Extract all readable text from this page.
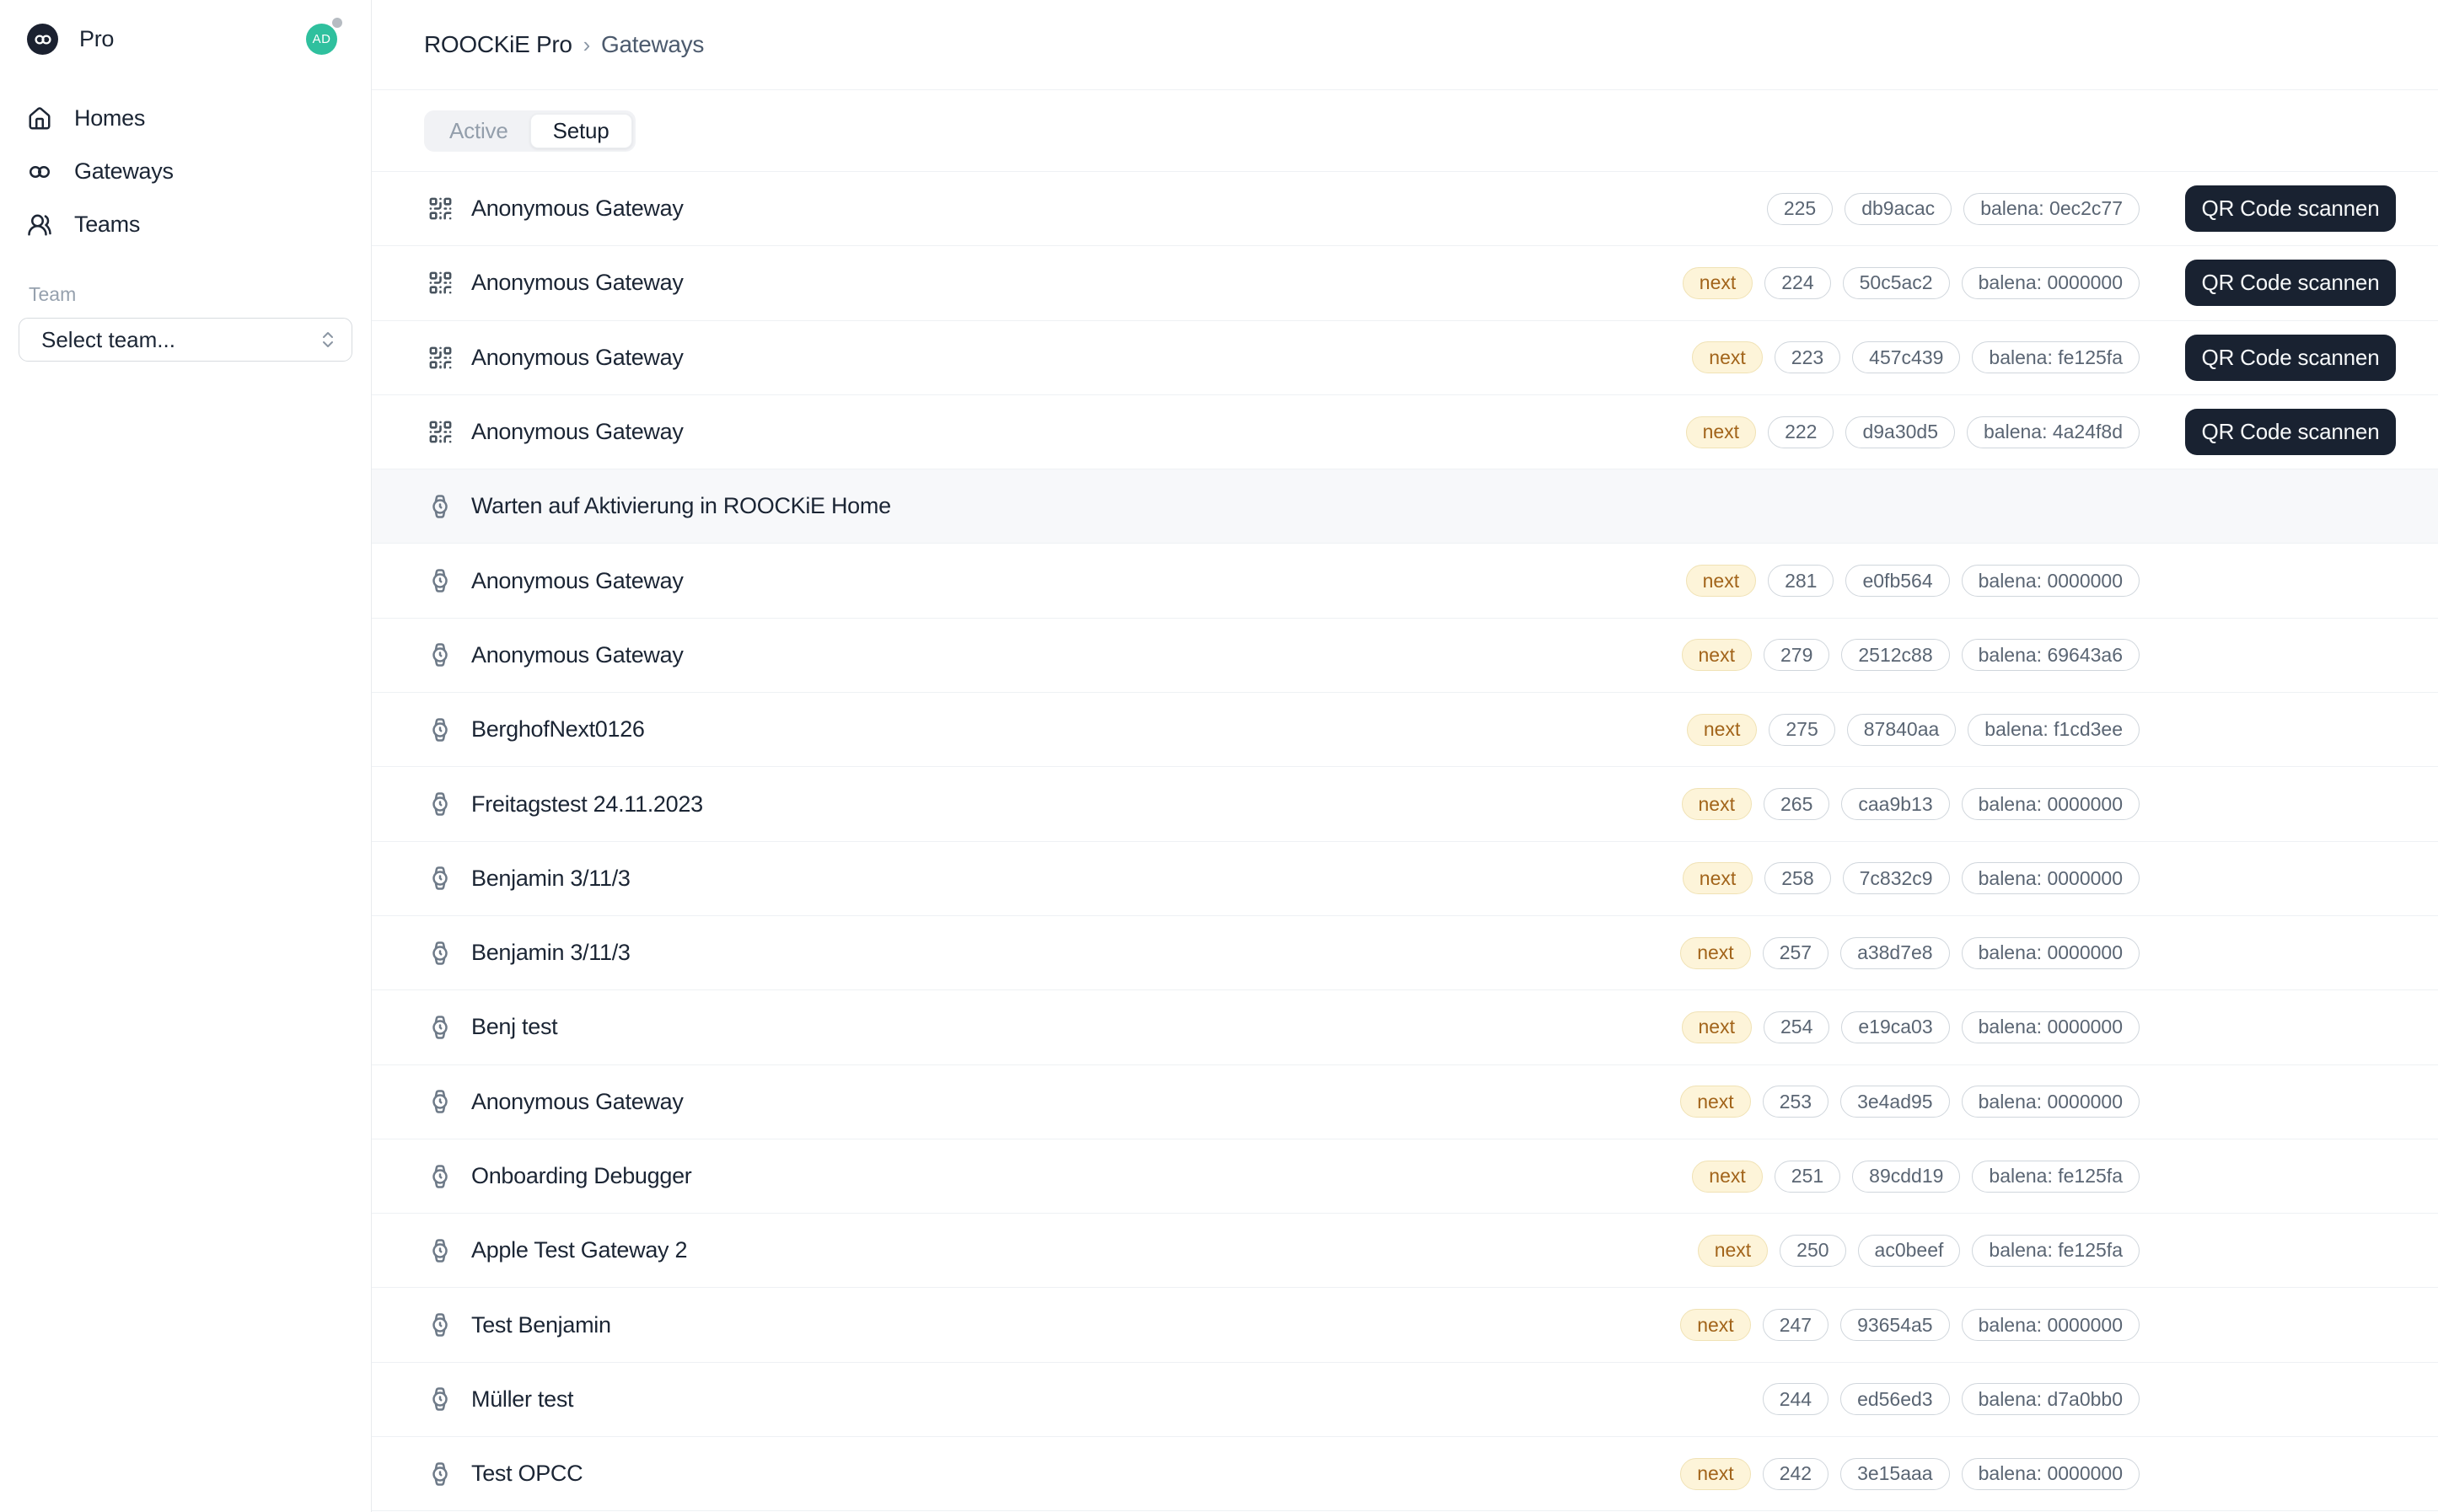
Pro	AD
Homes
Gateways
Teams
Team
Select team...
ROOCKiE Pro › Gateways
Active	Setup
Anonymous Gateway	225	db9acac	balena: 0ec2c77	QR Code scannen
Anonymous Gateway	next	224	50c5ac2	balena: 0000000	QR Code scannen
Anonymous Gateway	next	223	457c439	balena: fe125fa	QR Code scannen
Anonymous Gateway	next	222	d9a30d5	balena: 4a24f8d	QR Code scannen
Warten auf Aktivierung in ROOCKiE Home
Anonymous Gateway	next	281	e0fb564	balena: 0000000
Anonymous Gateway	next	279	2512c88	balena: 69643a6
BerghofNext0126	next	275	87840aa	balena: f1cd3ee
Freitagstest 24.11.2023	next	265	caa9b13	balena: 0000000
Benjamin 3/11/3	next	258	7c832c9	balena: 0000000
Benjamin 3/11/3	next	257	a38d7e8	balena: 0000000
Benj test	next	254	e19ca03	balena: 0000000
Anonymous Gateway	next	253	3e4ad95	balena: 0000000
Onboarding Debugger	next	251	89cdd19	balena: fe125fa
Apple Test Gateway 2	next	250	ac0beef	balena: fe125fa
Test Benjamin	next	247	93654a5	balena: 0000000
Müller test	244	ed56ed3	balena: d7a0bb0
Test OPCC	next	242	3e15aaa	balena: 0000000
